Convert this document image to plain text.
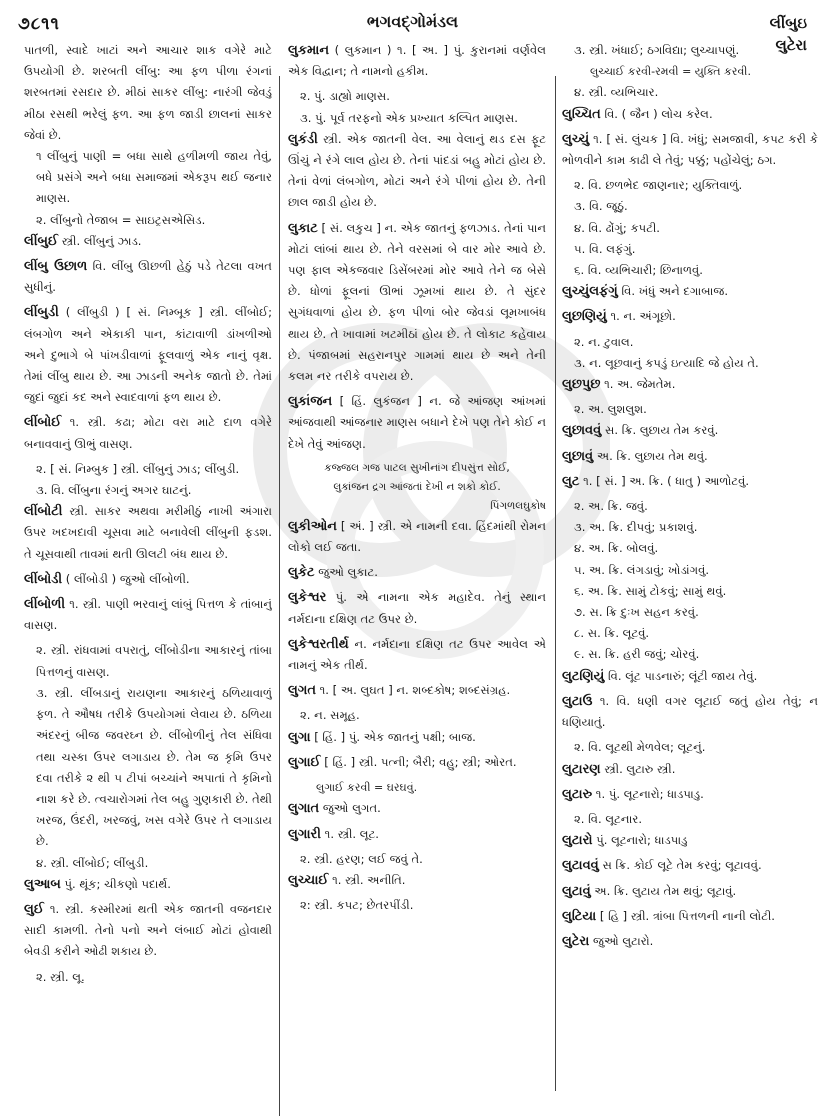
૭૮૧૧	ભગવદ્ગોમંડલ	લીંબુઇ
લુટેરા
પાતળી, સ્વાદે ખાટાં અને આચાર શાક વગેરે માટે ઉપયોગી છે. શરબતી લીંબુ: આ ફળ પીળા રંગનાં શરબતમાં રસદાર છે. મીઠાં સાકર લીંબુ: નારંગી જેવડું મીઠા રસથી ભરેલું ફળ. આ ફળ જાડી છાલનાં સાકર જેવાં છે.
૧ લીંબુનું પાણી = બધા સાથે હળીમળી જાય તેવું, બધે પ્રસંગે અને બધા સમાજમાં એકરૂપ થઈ જનાર માણસ.
૨. લીંબુનો તેજાબ = સાઇટ્રસએસિડ.
લીંબુઈ સ્ત્રી. લીંબુનું ઝાડ.
લીંબુ ઉછાળ વિ. લીંબુ ઊછળી હેઠું પડે તેટલા વખત સુધીનું.
લીંબુડી ( લીંબુડી ) [ સં. નિમ્બૂક ] સ્ત્રી. લીંબોઈ; લંબગોળ અને એકાકી પાન, કાંટાવાળી ડાંખળીઓ અને દુભાગે બે પાંખડીવાળાં ફૂલવાળું એક નાનું વૃક્ષ. તેમાં લીંબુ થાય છે. આ ઝાડની અનેક જાતો છે. તેમાં જુદાં જુદાં કદ અને સ્વાદવાળાં ફળ થાય છે.
લીંબોઈ ૧. સ્ત્રી. કઢા; મોટા વરા માટે દાળ વગેરે બનાવવાનું ઊભું વાસણ.
૨. [ સં. નિમ્બુક ] સ્ત્રી. લીંબુનું ઝાડ; લીંબુડી.
૩. વિ. લીંબુના રંગનું અગર ઘાટનું.
લીંબોટી સ્ત્રી. સાકર અથવા મરીમીઠું નાખી અંગારા ઉપર ખદખદાવી ચૂસવા માટે બનાવેલી લીંબુની ફડશ. તે ચૂસવાથી તાવમાં થતી ઊલટી બંધ થાય છે.
લીંબોડી ( લીંબોડી ) જુઓ લીંબોળી.
લીંબોળી ૧. સ્ત્રી. પાણી ભરવાનું લાંબું પિત્તળ કે તાંબાનું વાસણ.
૨. સ્ત્રી. રાંધવામાં વપરાતું, લીંબોડીના આકારનું તાંબા પિત્તળનું વાસણ.
૩. સ્ત્રી. લીંબડાનું રાયણના આકારનું ઠળિયાવાળું ફળ. તે ઔષધ તરીકે ઉપયોગમાં લેવાય છે. ઠળિયા અંદરનું બીજ જવરઘ્ન છે. લીંબોળીનું તેલ સંધિવા તથા ચસ્કા ઉપર લગાડાય છે. તેમ જ કૃમિ ઉપર દવા તરીકે ૨ થી ૫ ટીપાં બચ્ચાંને અપાતાં તે કૃમિનો નાશ કરે છે. ત્વચારોગમાં તેલ બહુ ગુણકારી છે. તેથી ખરજ, ઉંદરી, ખરજવું, ખસ વગેરે ઉપર તે લગાડાય છે.
૪. સ્ત્રી. લીંબોઈ; લીંબુડી.
લુઆબ પું. થૂંક; ચીકણો પદાર્થ.
લુઈ ૧. સ્ત્રી. કસ્મીરમાં થતી એક જાતની વજનદાર સાદી કામળી. તેનો પનો અને લંબાઈ મોટાં હોવાથી બેવડી કરીને ઓઢી શકાય છે.
૨. સ્ત્રી. લૂ.
લુકમાન ( લુકમાન ) ૧. [ અ. ] પું. કુરાનમાં વર્ણવેલ એક વિદ્વાન; તે નામનો હકીમ.
૨. પું. ડાહ્યો માણસ.
૩. પું. પૂર્વ તરફનો એક પ્રખ્યાત કલ્પિત માણસ.
લુકંડી સ્ત્રી. એક જાતની વેલ. આ વેલાનું થડ દસ ફૂટ ઊંચું ને રંગે લાલ હોય છે. તેનાં પાંદડાં બહુ મોટાં હોય છે. તેનાં વેળાં લંબગોળ, મોટાં અને રંગે પીળાં હોય છે. તેની છાલ જાડી હોય છે.
લુકાટ [ સં. લકુચ ] ન. એક જાતનું ફળઝાડ. તેનાં પાન મોટાં લાંબાં થાય છે. તેને વરસમાં બે વાર મોર આવે છે. પણ ફાલ એકજવાર ડિસેંબરમાં મોર આવે તેને જ બેસે છે. ધોળાં ફૂલનાં ઊભાં ઝૂમખાં થાય છે. તે સુંદર સુગંધવાળાં હોય છે. ફળ પીળાં બોર જેવડાં લૂમખાબંધ થાય છે. તે ખાવામાં ખટમીઠાં હોય છે. તે લોકાટ કહેવાય છે. પંજાબમાં સહરાનપુર ગામમાં થાય છે અને તેની કલમ નર તરીકે વપરાય છે.
લુકાંજન [ હિં. લુકંજન ] ન. જે આંજણ આંખમાં આંજવાથી આંજનાર માણસ બધાને દેખે પણ તેને કોઈ ન દેખે તેવું આંજણ.
કજ્જલ ગજ પાટલ સુખીનાંગ દીપસુંત્ત સોઈ,
લુકાંજન દ્રગ આંજતાં દેખી ન શકો કોઈ.
પિંગળલઘુકોષ
લુકીઓન [ અં. ] સ્ત્રી. એ નામની દવા. હિંદમાંથી રોમન લોકો લઈ જતા.
લુકેટ જુઓ લુકાટ.
લુકેશ્વર પું. એ નામના એક મહાદેવ. તેનું સ્થાન નર્મદાના દક્ષિણ તટ ઉપર છે.
લુકેશ્વરતીર્થ ન. નર્મદાના દક્ષિણ તટ ઉપર આવેલ એ નામનું એક તીર્થ.
લુગત ૧. [ અ. લુઘત ] ન. શબ્દકોષ; શબ્દસંગ્રહ.
૨. ન. સમૂહ.
લુગા [ હિં. ] પું. એક જાતનું પક્ષી; બાજ.
લુગાઈ [ હિં. ] સ્ત્રી. પત્ની; બૈરી; વહુ; સ્ત્રી; ઓરત.
લુગાઈ કરવી = ઘરઘવું.
લુગાત જુઓ લુગત.
લુગારી ૧. સ્ત્રી. લૂટ.
૨. સ્ત્રી. હરણ; લઈ જવું તે.
લુચ્ચાઈ ૧. સ્ત્રી. અનીતિ.
૨: સ્ત્રી. કપટ; છેતરપીંડી.
૩. સ્ત્રી. ખંધાઈ; ઠગવિદ્યા; લુચ્ચાપણું.
લુચ્ચાઈ કરવી-રમવી = યુક્તિ કરવી.
૪. સ્ત્રી. વ્યભિચાર.
લુચ્ચિત વિ. ( જૈન ) લોચ કરેલ.
લુચ્ચું ૧. [ સં. લુંચક ] વિ. ખંધું; સમજાવી, કપટ કરી કે ભોળવીને કામ કાઢી લે તેવું; પક્કું; પહોંચેલું; ઠગ.
૨. વિ. છળભેદ જાણનાર; યુક્તિવાળું.
૩. વિ. જૂઠું.
૪. વિ. ઢોંગું; કપટી.
૫. વિ. લફંગું.
૬. વિ. વ્યભિચારી; છિનાળવું.
લુચ્ચુંલફંગું વિ. ખંધું અને દગાબાજ.
લુછણિયું ૧. ન. અંગૂછો.
૨. ન. ટુવાલ.
૩. ન. લૂછવાનું કપડું ઇત્યાદિ જે હોય તે.
લુછપુછ ૧. અ. જેમતેમ.
૨. અ. લુશલુશ.
લુછાવવું સ. ક્રિ. લુછાય તેમ કરવું.
લુછાવું અ. ક્રિ. લુછાય તેમ થવું.
લુટ ૧. [ સં. ] અ. ક્રિ. ( ધાતુ ) આળોટવું.
૨. અ. ક્રિ. જવું.
૩. અ. ક્રિ. દીપવું; પ્રકાશવું.
૪. અ. ક્રિ. બોલવું.
૫. અ. ક્રિ. લંગડાવું; ખોડાંગવું.
૬. અ. ક્રિ. સામું ટોકવું; સામું થવું.
૭. સ. ક્રિ દુઃખ સહન કરવું.
૮. સ. ક્રિ. લૂટવું.
૯. સ. ક્રિ. હરી જવું; ચોરવું.
લુટણિયું વિ. લૂંટ પાડનારું; લૂંટી જાય તેવું.
લુટાઉ ૧. વિ. ધણી વગર લૂટાઈ જતું હોય તેવું; ન ધણિયાતું.
૨. વિ. લૂટથી મેળવેલ; લૂટનું.
લુટારણ સ્ત્રી. લુટારુ સ્ત્રી.
લુટારુ ૧. પું. લૂટનારો; ધાડપાડુ.
૨. વિ. લૂટનાર.
લુટારો પું. લૂટનારો; ધાડપાડુ
લુટાવવું સ ક્રિ. કોઈ લૂટે તેમ કરવું; લૂટાવવું.
લુટાવું અ. ક્રિ. લુટાય તેમ થવું; લૂટાવું.
લુટિયા [ હિ ] સ્ત્રી. ત્રાંબા પિત્તળની નાની લોટી.
લુટેરા જુઓ લુટારો.
